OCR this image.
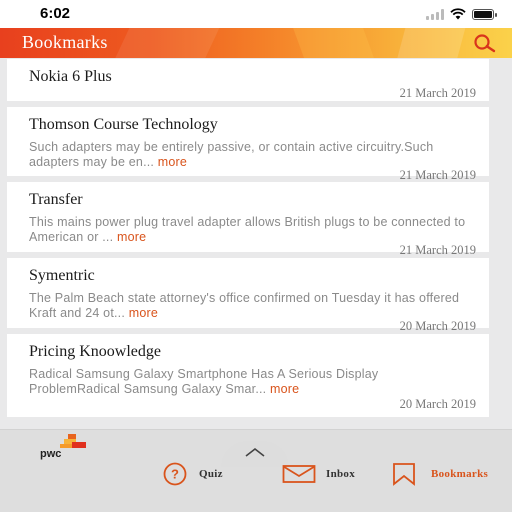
6:02
Bookmarks
Nokia 6 Plus
21 March 2019
Thomson Course Technology
Such adapters may be entirely passive, or contain active circuitry.Such adapters may be en... more
21 March 2019
Transfer
This mains power plug travel adapter allows British plugs to be connected to American or ... more
21 March 2019
Symentric
The Palm Beach state attorney's office confirmed on Tuesday it has offered Kraft and 24 ot... more
20 March 2019
Pricing Knoowledge
Radical Samsung Galaxy Smartphone Has A Serious Display ProblemRadical Samsung Galaxy Smar... more
20 March 2019
pwc
? Quiz	Inbox	Bookmarks
